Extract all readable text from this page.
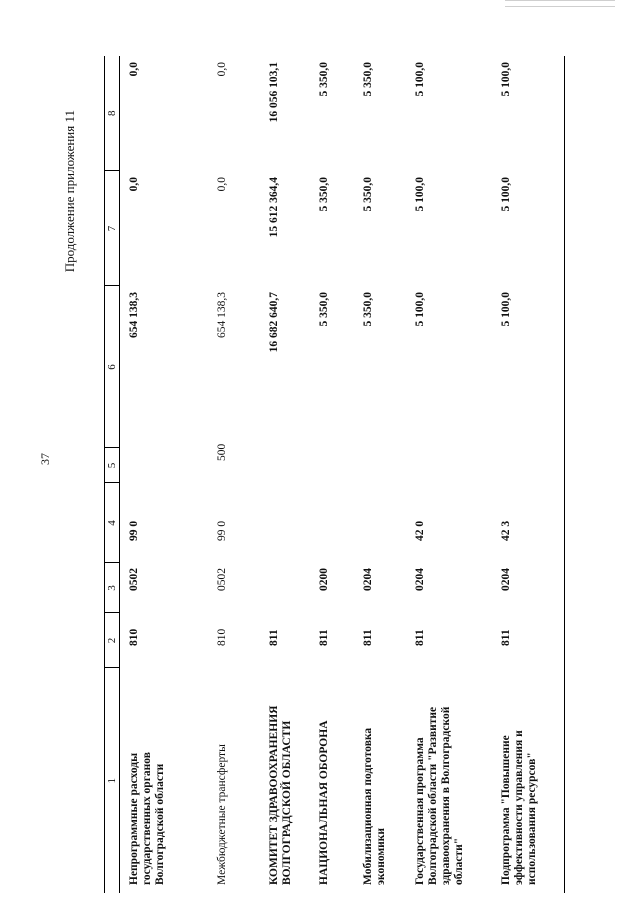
37
Продолжение приложения 11
1	2	3	4	5	6	7	8
Непрограммные расходы государственных органов Волгоградской области	810	0502	99 0		654 138,3	0,0	0,0
Межбюджетные трансферты	810	0502	99 0	500	654 138,3	0,0	0,0
КОМИТЕТ ЗДРАВООХРАНЕНИЯ ВОЛГОГРАДСКОЙ ОБЛАСТИ	811				16 682 640,7	15 612 364,4	16 056 103,1
НАЦИОНАЛЬНАЯ ОБОРОНА	811	0200			5 350,0	5 350,0	5 350,0
Мобилизационная подготовка экономики	811	0204			5 350,0	5 350,0	5 350,0
Государственная программа Волгоградской области "Развитие здравоохранения в Волгоградской области"	811	0204	42 0		5 100,0	5 100,0	5 100,0
Подпрограмма "Повышение эффективности управления и использования ресурсов"	811	0204	42 3		5 100,0	5 100,0	5 100,0
